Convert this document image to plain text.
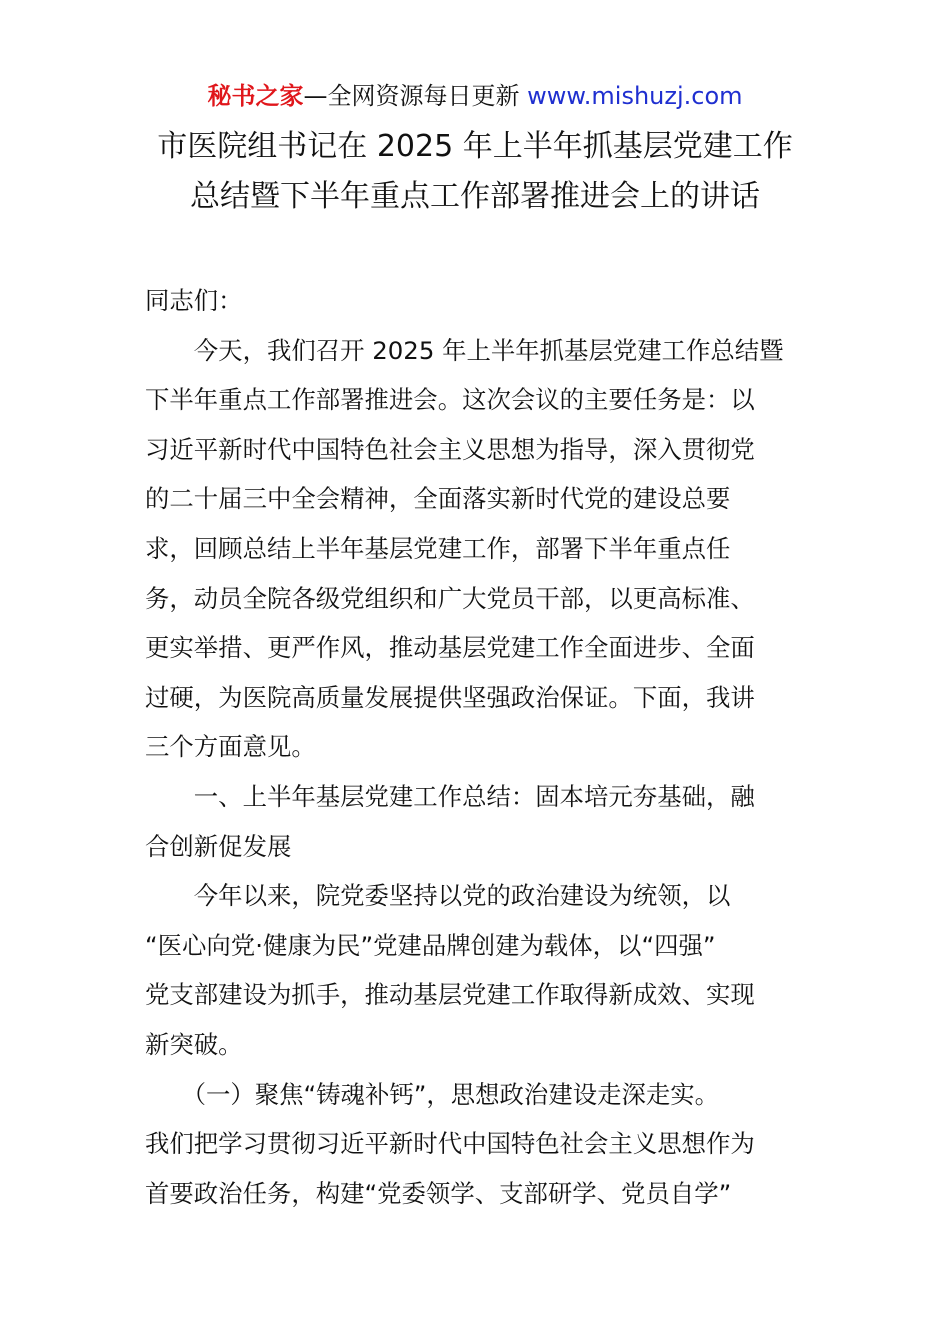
秘书之家—全网资源每日更新 www.mishuzj.com
市医院组书记在 2025 年上半年抓基层党建工作
总结暨下半年重点工作部署推进会上的讲话
同志们：
　　今天，我们召开 2025 年上半年抓基层党建工作总结暨
下半年重点工作部署推进会。这次会议的主要任务是：以
习近平新时代中国特色社会主义思想为指导，深入贯彻党
的二十届三中全会精神，全面落实新时代党的建设总要
求，回顾总结上半年基层党建工作，部署下半年重点任
务，动员全院各级党组织和广大党员干部，以更高标准、
更实举措、更严作风，推动基层党建工作全面进步、全面
过硬，为医院高质量发展提供坚强政治保证。下面，我讲
三个方面意见。
　　一、上半年基层党建工作总结：固本培元夯基础，融
合创新促发展
　　今年以来，院党委坚持以党的政治建设为统领，以
“医心向党·健康为民”党建品牌创建为载体，以“四强”
党支部建设为抓手，推动基层党建工作取得新成效、实现
新突破。
　　（一）聚焦“铸魂补钙”，思想政治建设走深走实。
我们把学习贯彻习近平新时代中国特色社会主义思想作为
首要政治任务，构建“党委领学、支部研学、党员自学”
